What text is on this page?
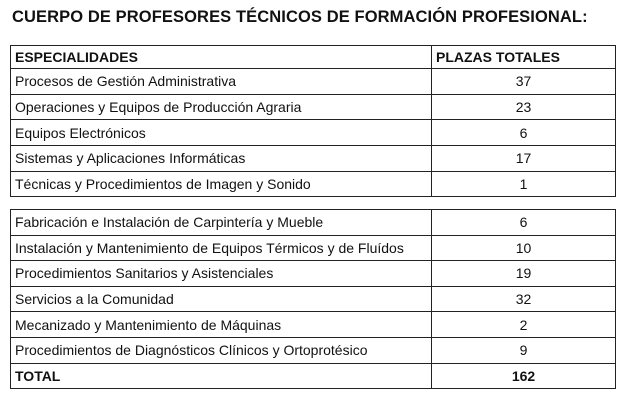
CUERPO DE PROFESORES TÉCNICOS DE FORMACIÓN PROFESIONAL:
ESPECIALIDADES	PLAZAS TOTALES
Procesos de Gestión Administrativa	37
Operaciones y Equipos de Producción Agraria	23
Equipos Electrónicos	6
Sistemas y Aplicaciones Informáticas	17
Técnicas y Procedimientos de Imagen y Sonido	1
Fabricación e Instalación de Carpintería y Mueble	6
Instalación y Mantenimiento de Equipos Térmicos y de Fluídos	10
Procedimientos Sanitarios y Asistenciales	19
Servicios a la Comunidad	32
Mecanizado y Mantenimiento de Máquinas	2
Procedimientos de Diagnósticos Clínicos y Ortoprotésico	9
TOTAL	162
